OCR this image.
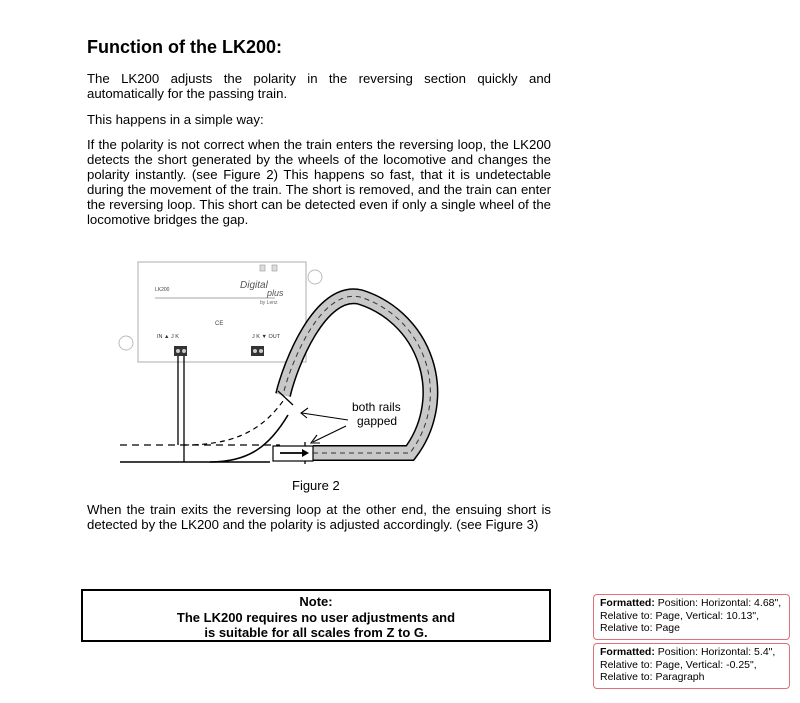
Function of the LK200:

The LK200 adjusts the polarity in the reversing section quickly and automatically for the passing train.

This happens in a simple way:

If the polarity is not correct when the train enters the reversing loop, the LK200 detects the short generated by the wheels of the locomotive and changes the polarity instantly. (see Figure 2) This happens so fast, that it is undetectable during the movement of the train. The short is removed, and the train can enter the reversing loop. This short can be detected even if only a single wheel of the locomotive bridges the gap.

LK200	Digital
plus
by Lenz
CE
IN ▲ J K	J K ▼ OUT
both rails
gapped
Figure 2

When the train exits the reversing loop at the other end, the ensuing short is detected by the LK200 and the polarity is adjusted accordingly. (see Figure 3)

Note:
The LK200 requires no user adjustments and
is suitable for all scales from Z to G.
Formatted: Position: Horizontal: 4.68", Relative to: Page, Vertical: 10.13", Relative to: Page
Formatted: Position: Horizontal: 5.4", Relative to: Page, Vertical: -0.25", Relative to: Paragraph
